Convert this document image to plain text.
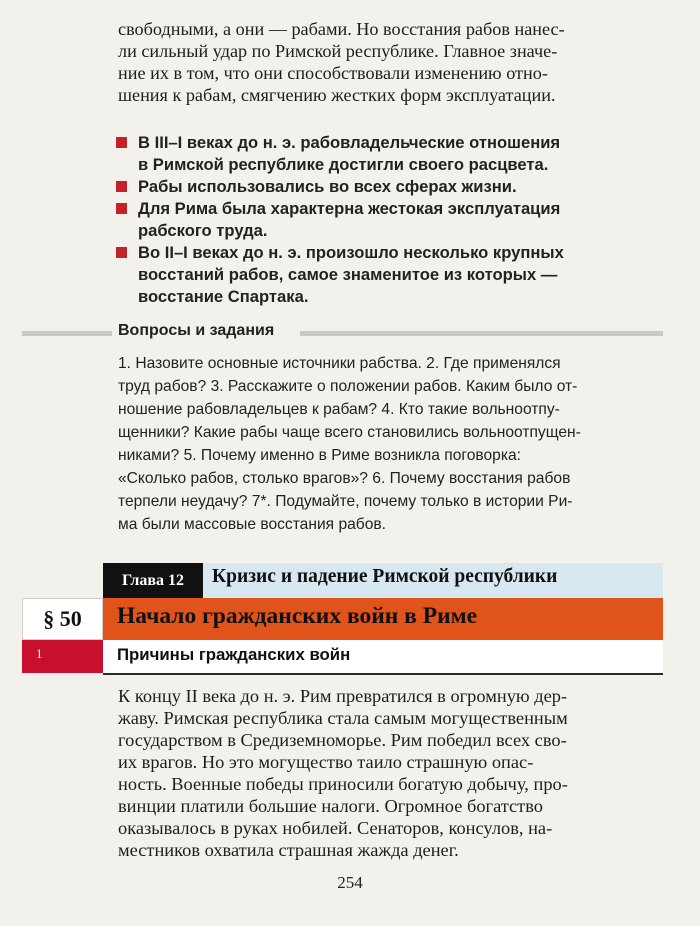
свободными, а они — рабами. Но восстания рабов нанес-
ли сильный удар по Римской республике. Главное значе-
ние их в том, что они способствовали изменению отно-
шения к рабам, смягчению жестких форм эксплуатации.
В III–I веках до н. э. рабовладельческие отношения
в Римской республике достигли своего расцвета.
Рабы использовались во всех сферах жизни.
Для Рима была характерна жестокая эксплуатация
рабского труда.
Во II–I веках до н. э. произошло несколько крупных
восстаний рабов, самое знаменитое из которых —
восстание Спартака.
Вопросы и задания
1. Назовите основные источники рабства. 2. Где применялся
труд рабов? 3. Расскажите о положении рабов. Каким было от-
ношение рабовладельцев к рабам? 4. Кто такие вольноотпу-
щенники? Какие рабы чаще всего становились вольноотпущен-
никами? 5. Почему именно в Риме возникла поговорка:
«Сколько рабов, столько врагов»? 6. Почему восстания рабов
терпели неудачу? 7*. Подумайте, почему только в истории Ри-
ма были массовые восстания рабов.
Глава 12	Кризис и падение Римской республики
§ 50	Начало гражданских войн в Риме
1	Причины гражданских войн
К концу II века до н. э. Рим превратился в огромную дер-
жаву. Римская республика стала самым могущественным
государством в Средиземноморье. Рим победил всех сво-
их врагов. Но это могущество таило страшную опас-
ность. Военные победы приносили богатую добычу, про-
винции платили большие налоги. Огромное богатство
оказывалось в руках нобилей. Сенаторов, консулов, на-
местников охватила страшная жажда денег.
254
